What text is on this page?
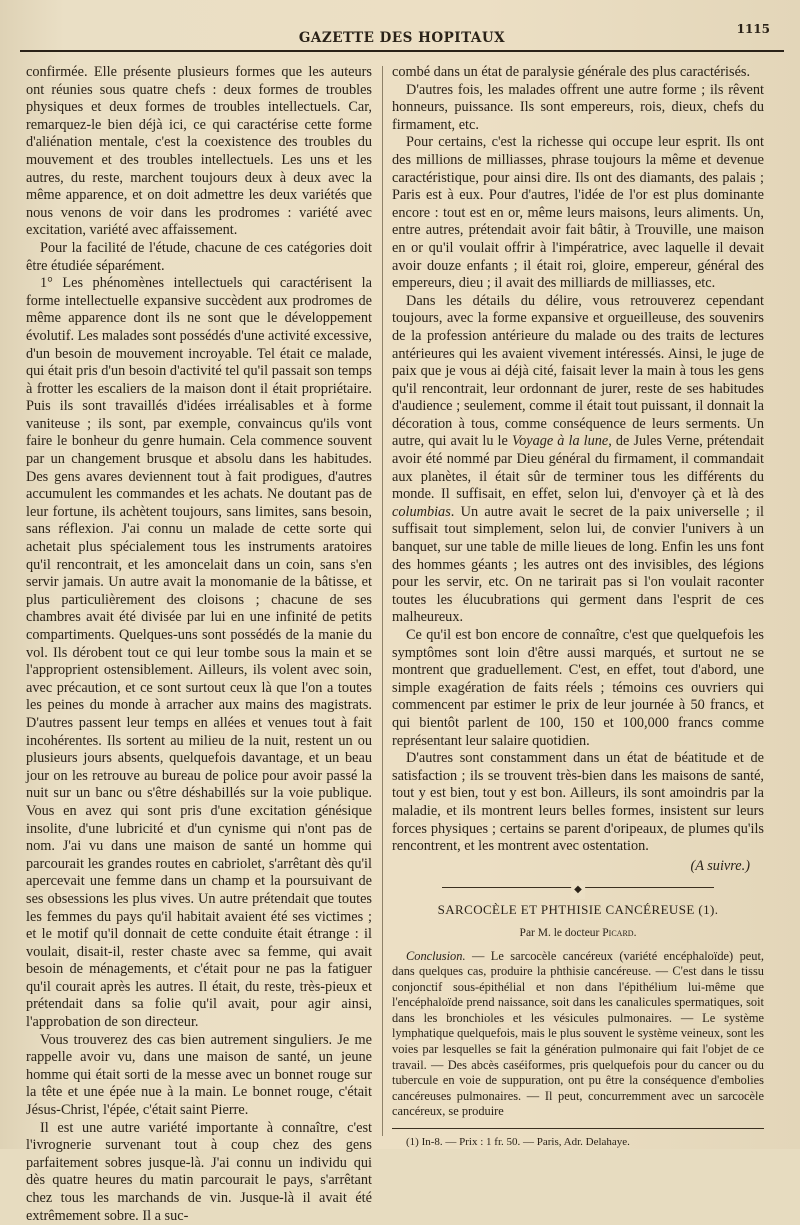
GAZETTE DES HOPITAUX
1115

confirmée. Elle présente plusieurs formes que les auteurs ont réunies sous quatre chefs : deux formes de troubles physiques et deux formes de troubles intellectuels. Car, remarquez-le bien déjà ici, ce qui caractérise cette forme d'aliénation mentale, c'est la coexistence des troubles du mouvement et des troubles intellectuels. Les uns et les autres, du reste, marchent toujours deux à deux avec la même apparence, et on doit admettre les deux variétés que nous venons de voir dans les prodromes : variété avec excitation, variété avec affaissement.

Pour la facilité de l'étude, chacune de ces catégories doit être étudiée séparément.

1° Les phénomènes intellectuels qui caractérisent la forme intellectuelle expansive succèdent aux prodromes de même apparence dont ils ne sont que le développement évolutif. Les malades sont possédés d'une activité excessive, d'un besoin de mouvement incroyable. Tel était ce malade, qui était pris d'un besoin d'activité tel qu'il passait son temps à frotter les escaliers de la maison dont il était propriétaire. Puis ils sont travaillés d'idées irréalisables et à forme vaniteuse ; ils sont, par exemple, convaincus qu'ils vont faire le bonheur du genre humain. Cela commence souvent par un changement brusque et absolu dans les habitudes. Des gens avares deviennent tout à fait prodigues, d'autres accumulent les commandes et les achats. Ne doutant pas de leur fortune, ils achètent toujours, sans limites, sans besoin, sans réflexion. J'ai connu un malade de cette sorte qui achetait plus spécialement tous les instruments aratoires qu'il rencontrait, et les amoncelait dans un coin, sans s'en servir jamais. Un autre avait la monomanie de la bâtisse, et plus particulièrement des cloisons ; chacune de ses chambres avait été divisée par lui en une infinité de petits compartiments. Quelques-uns sont possédés de la manie du vol. Ils dérobent tout ce qui leur tombe sous la main et se l'approprient ostensiblement. Ailleurs, ils volent avec soin, avec précaution, et ce sont surtout ceux là que l'on a toutes les peines du monde à arracher aux mains des magistrats. D'autres passent leur temps en allées et venues tout à fait incohérentes. Ils sortent au milieu de la nuit, restent un ou plusieurs jours absents, quelquefois davantage, et un beau jour on les retrouve au bureau de police pour avoir passé la nuit sur un banc ou s'être déshabillés sur la voie publique. Vous en avez qui sont pris d'une excitation génésique insolite, d'une lubricité et d'un cynisme qui n'ont pas de nom. J'ai vu dans une maison de santé un homme qui parcourait les grandes routes en cabriolet, s'arrêtant dès qu'il apercevait une femme dans un champ et la poursuivant de ses obsessions les plus vives. Un autre prétendait que toutes les femmes du pays qu'il habitait avaient été ses victimes ; et le motif qu'il donnait de cette conduite était étrange : il voulait, disait-il, rester chaste avec sa femme, qui avait besoin de ménagements, et c'était pour ne pas la fatiguer qu'il courait après les autres. Il était, du reste, très-pieux et prétendait dans sa folie qu'il avait, pour agir ainsi, l'approbation de son directeur.

Vous trouverez des cas bien autrement singuliers. Je me rappelle avoir vu, dans une maison de santé, un jeune homme qui était sorti de la messe avec un bonnet rouge sur la tête et une épée nue à la main. Le bonnet rouge, c'était Jésus-Christ, l'épée, c'était saint Pierre.

Il est une autre variété importante à connaître, c'est l'ivrognerie survenant tout à coup chez des gens parfaitement sobres jusque-là. J'ai connu un individu qui dès quatre heures du matin parcourait le pays, s'arrêtant chez tous les marchands de vin. Jusque-là il avait été extrêmement sobre. Il a suc-

combé dans un état de paralysie générale des plus caractérisés.

D'autres fois, les malades offrent une autre forme ; ils rêvent honneurs, puissance. Ils sont empereurs, rois, dieux, chefs du firmament, etc.

Pour certains, c'est la richesse qui occupe leur esprit. Ils ont des millions de milliasses, phrase toujours la même et devenue caractéristique, pour ainsi dire. Ils ont des diamants, des palais ; Paris est à eux. Pour d'autres, l'idée de l'or est plus dominante encore : tout est en or, même leurs maisons, leurs aliments. Un, entre autres, prétendait avoir fait bâtir, à Trouville, une maison en or qu'il voulait offrir à l'impératrice, avec laquelle il devait avoir douze enfants ; il était roi, gloire, empereur, général des empereurs, dieu ; il avait des milliards de milliasses, etc.

Dans les détails du délire, vous retrouverez cependant toujours, avec la forme expansive et orgueilleuse, des souvenirs de la profession antérieure du malade ou des traits de lectures antérieures qui les avaient vivement intéressés. Ainsi, le juge de paix que je vous ai déjà cité, faisait lever la main à tous les gens qu'il rencontrait, leur ordonnant de jurer, reste de ses habitudes d'audience ; seulement, comme il était tout puissant, il donnait la décoration à tous, comme conséquence de leurs serments. Un autre, qui avait lu le Voyage à la lune, de Jules Verne, prétendait avoir été nommé par Dieu général du firmament, il commandait aux planètes, il était sûr de terminer tous les différents du monde. Il suffisait, en effet, selon lui, d'envoyer çà et là des columbias. Un autre avait le secret de la paix universelle ; il suffisait tout simplement, selon lui, de convier l'univers à un banquet, sur une table de mille lieues de long. Enfin les uns font des hommes géants ; les autres ont des invisibles, des légions pour les servir, etc. On ne tarirait pas si l'on voulait raconter toutes les élucubrations qui germent dans l'esprit de ces malheureux.

Ce qu'il est bon encore de connaître, c'est que quelquefois les symptômes sont loin d'être aussi marqués, et surtout ne se montrent que graduellement. C'est, en effet, tout d'abord, une simple exagération de faits réels ; témoins ces ouvriers qui commencent par estimer le prix de leur journée à 50 francs, et qui bientôt parlent de 100, 150 et 100,000 francs comme représentant leur salaire quotidien.

D'autres sont constamment dans un état de béatitude et de satisfaction ; ils se trouvent très-bien dans les maisons de santé, tout y est bien, tout y est bon. Ailleurs, ils sont amoindris par la maladie, et ils montrent leurs belles formes, insistent sur leurs forces physiques ; certains se parent d'oripeaux, de plumes qu'ils rencontrent, et les montrent avec ostentation.

(A suivre.)
◆
SARCOCÈLE ET PHTHISIE CANCÉREUSE (1).
Par M. le docteur Picard.

Conclusion. — Le sarcocèle cancéreux (variété encéphaloïde) peut, dans quelques cas, produire la phthisie cancéreuse. — C'est dans le tissu conjonctif sous-épithélial et non dans l'épithélium lui-même que l'encéphaloïde prend naissance, soit dans les canalicules spermatiques, soit dans les bronchioles et les vésicules pulmonaires. — Le système lymphatique quelquefois, mais le plus souvent le système veineux, sont les voies par lesquelles se fait la génération pulmonaire qui fait l'objet de ce travail. — Des abcès caséiformes, pris quelquefois pour du cancer ou du tubercule en voie de suppuration, ont pu être la conséquence d'embolies cancéreuses pulmonaires. — Il peut, concurremment avec un sarcocèle cancéreux, se produire

(1) In-8. — Prix : 1 fr. 50. — Paris, Adr. Delahaye.
